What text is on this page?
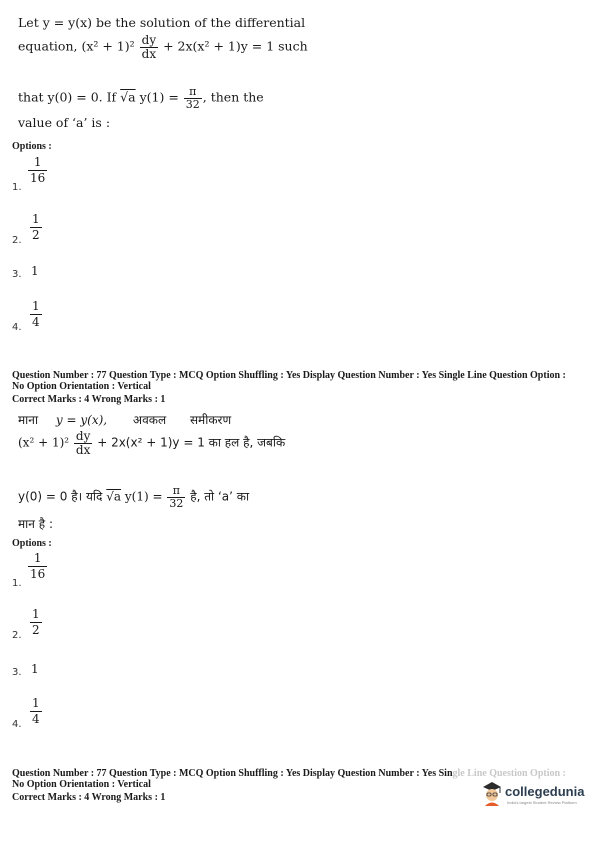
Let y = y(x) be the solution of the differential
equation, $(x^2 + 1)^2 \frac{dy}{dx} + 2x(x^2 + 1)y = 1$ such
that y(0) = 0. If √a $y(1) = \frac{\pi}{32}$ , then the
value of ‘a’ is :
Options :
1.
1
16
2.
1
2
3. 1
4.
1
4
Question Number : 77 Question Type : MCQ Option Shuffling : Yes Display Question Number : Yes Single Line Question Option :
No Option Orientation : Vertical
Correct Marks : 4 Wrong Marks : 1
माना y = y(x), अवकल समीकरण
$(x^2 + 1)^2 \frac{dy}{dx} + 2x(x^2 + 1)y = 1$ का हल है, जबकि
y(0) = 0 है। यदि √a $y(1) = \frac{\pi}{32}$ है, तो ‘a’ का
मान है :
Options :
1.
1
16
2.
1
2
3. 1
4.
1
4
Question Number : 77 Question Type : MCQ Option Shuffling : Yes Display Question Number : Yes Single Line Question Option :
No Option Orientation : Vertical
Correct Marks : 4 Wrong Marks : 1	collegedunia
India's largest Student Review Platform
